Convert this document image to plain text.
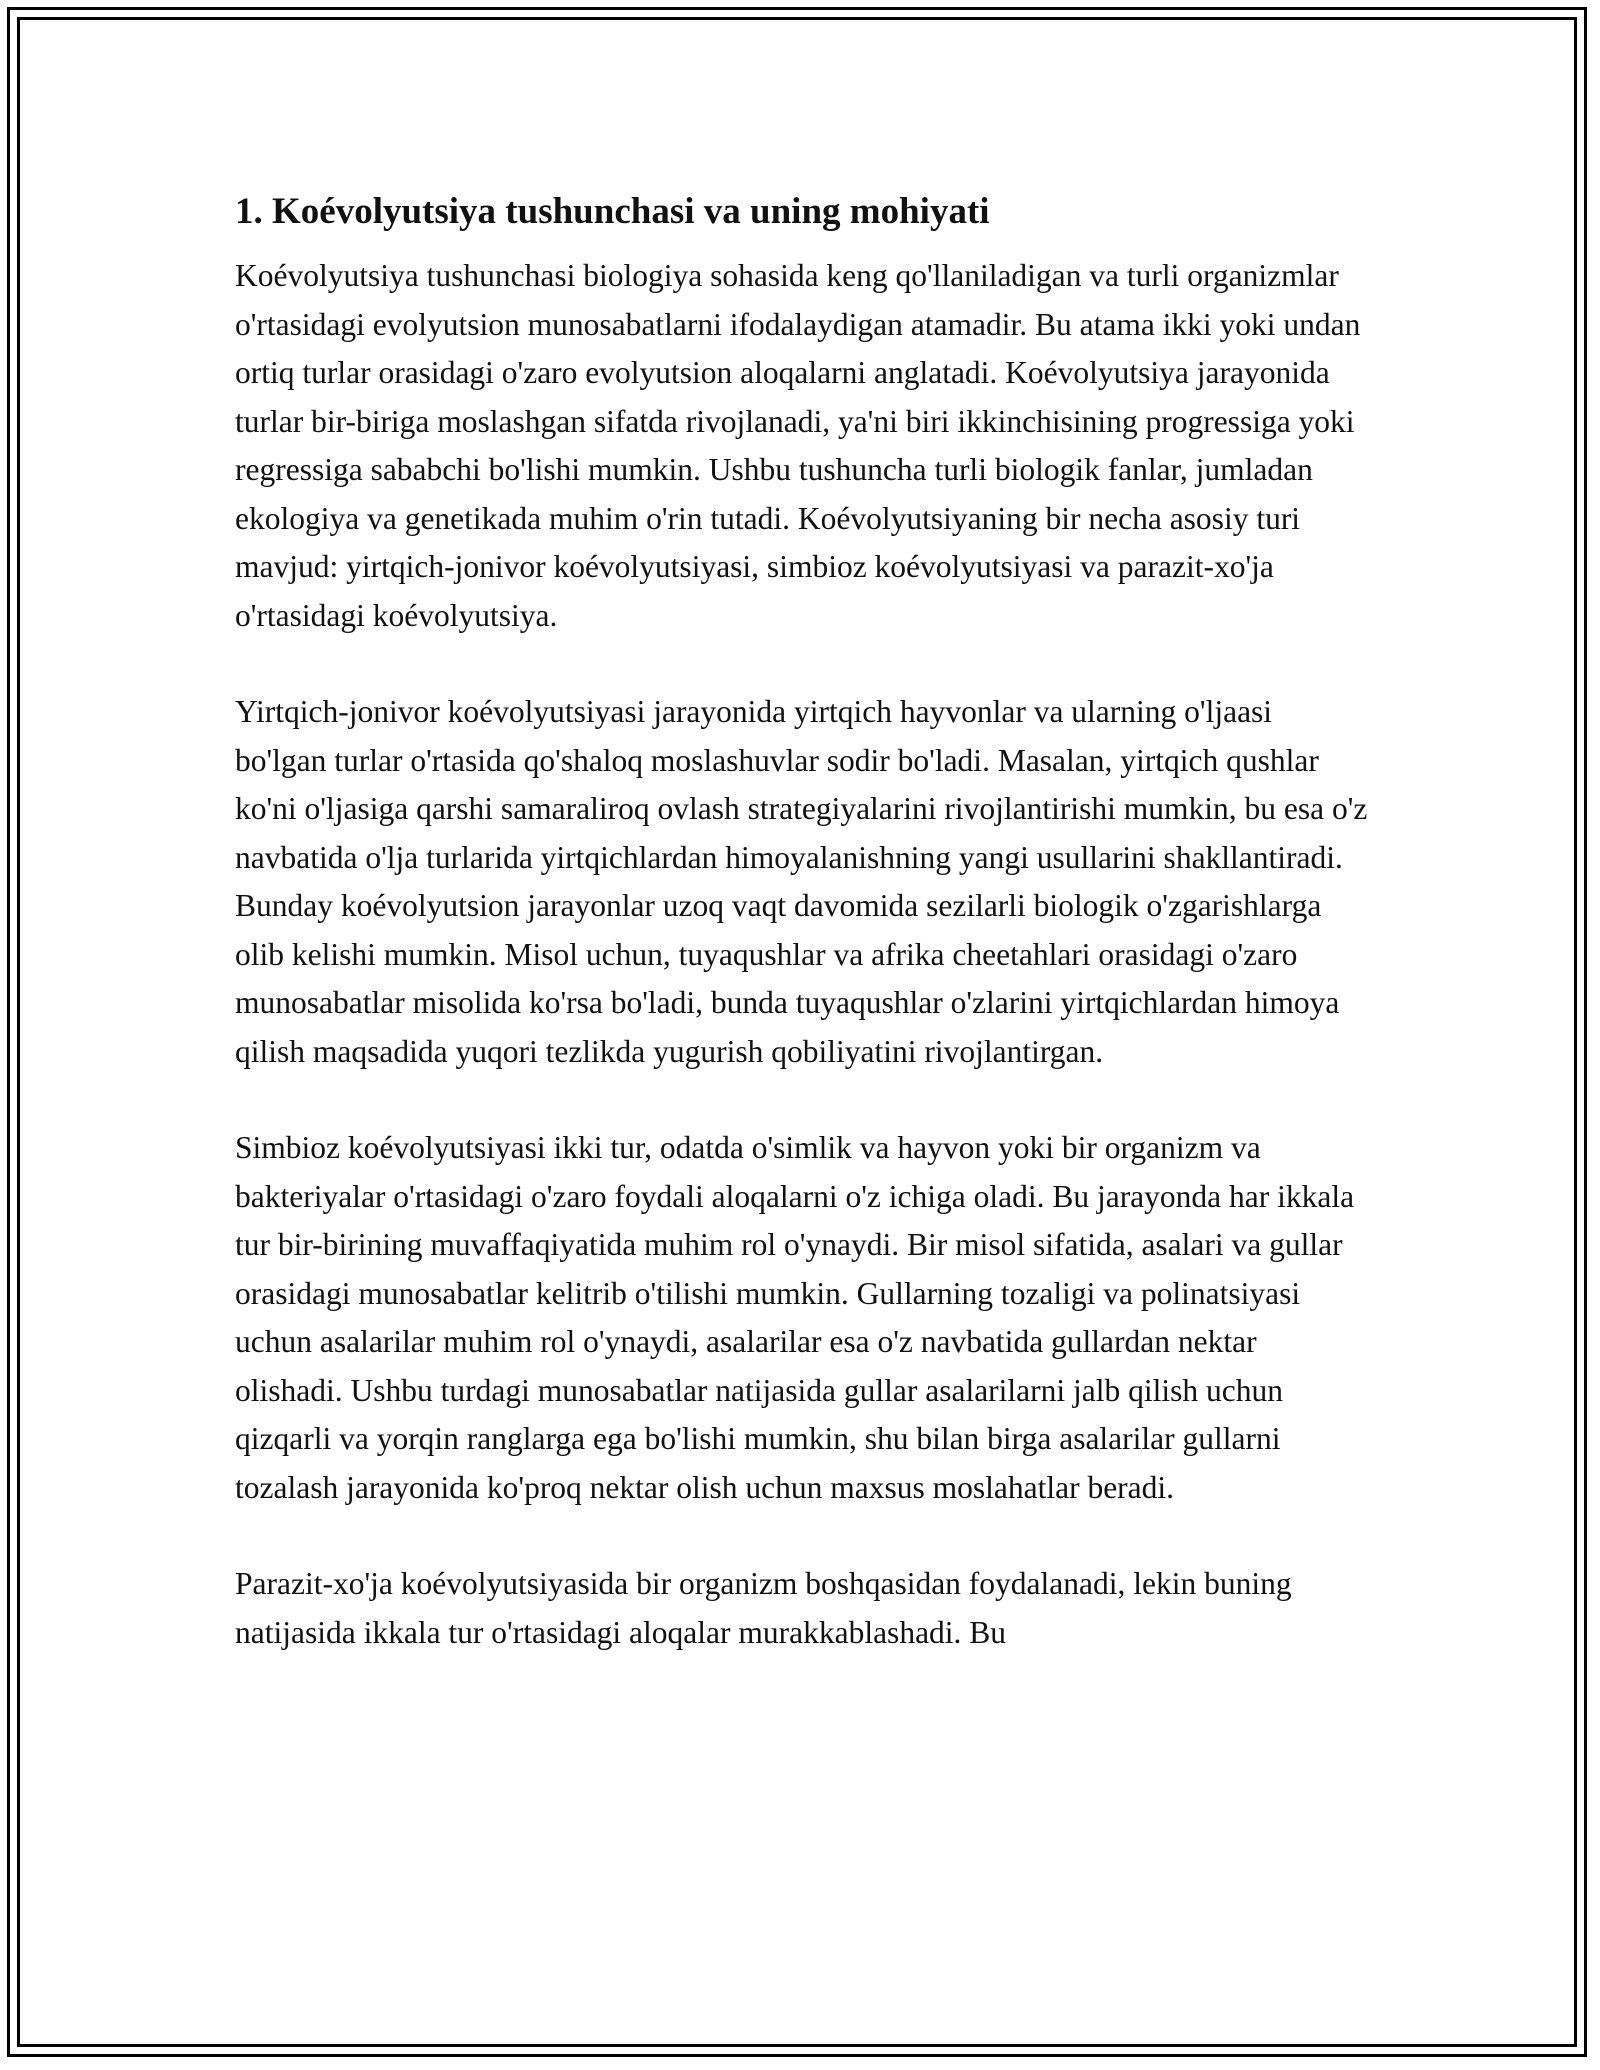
1. Koévolyutsiya tushunchasi va uning mohiyati

Koévolyutsiya tushunchasi biologiya sohasida keng qo'llaniladigan va turli organizmlar o'rtasidagi evolyutsion munosabatlarni ifodalaydigan atamadir. Bu atama ikki yoki undan ortiq turlar orasidagi o'zaro evolyutsion aloqalarni anglatadi. Koévolyutsiya jarayonida turlar bir-biriga moslashgan sifatda rivojlanadi, ya'ni biri ikkinchisining progressiga yoki regressiga sababchi bo'lishi mumkin. Ushbu tushuncha turli biologik fanlar, jumladan ekologiya va genetikada muhim o'rin tutadi. Koévolyutsiyaning bir necha asosiy turi mavjud: yirtqich-jonivor koévolyutsiyasi, simbioz koévolyutsiyasi va parazit-xo'ja o'rtasidagi koévolyutsiya.

Yirtqich-jonivor koévolyutsiyasi jarayonida yirtqich hayvonlar va ularning o'ljaasi bo'lgan turlar o'rtasida qo'shaloq moslashuvlar sodir bo'ladi. Masalan, yirtqich qushlar ko'ni o'ljasiga qarshi samaraliroq ovlash strategiyalarini rivojlantirishi mumkin, bu esa o'z navbatida o'lja turlarida yirtqichlardan himoyalanishning yangi usullarini shakllantiradi. Bunday koévolyutsion jarayonlar uzoq vaqt davomida sezilarli biologik o'zgarishlarga olib kelishi mumkin. Misol uchun, tuyaqushlar va afrika cheetahlari orasidagi o'zaro munosabatlar misolida ko'rsa bo'ladi, bunda tuyaqushlar o'zlarini yirtqichlardan himoya qilish maqsadida yuqori tezlikda yugurish qobiliyatini rivojlantirgan.

Simbioz koévolyutsiyasi ikki tur, odatda o'simlik va hayvon yoki bir organizm va bakteriyalar o'rtasidagi o'zaro foydali aloqalarni o'z ichiga oladi. Bu jarayonda har ikkala tur bir-birining muvaffaqiyatida muhim rol o'ynaydi. Bir misol sifatida, asalari va gullar orasidagi munosabatlar kelitrib o'tilishi mumkin. Gullarning tozaligi va polinatsiyasi uchun asalarilar muhim rol o'ynaydi, asalarilar esa o'z navbatida gullardan nektar olishadi. Ushbu turdagi munosabatlar natijasida gullar asalarilarni jalb qilish uchun qizqarli va yorqin ranglarga ega bo'lishi mumkin, shu bilan birga asalarilar gullarni tozalash jarayonida ko'proq nektar olish uchun maxsus moslahatlar beradi.

Parazit-xo'ja koévolyutsiyasida bir organizm boshqasidan foydalanadi, lekin buning natijasida ikkala tur o'rtasidagi aloqalar murakkablashadi. Bu
